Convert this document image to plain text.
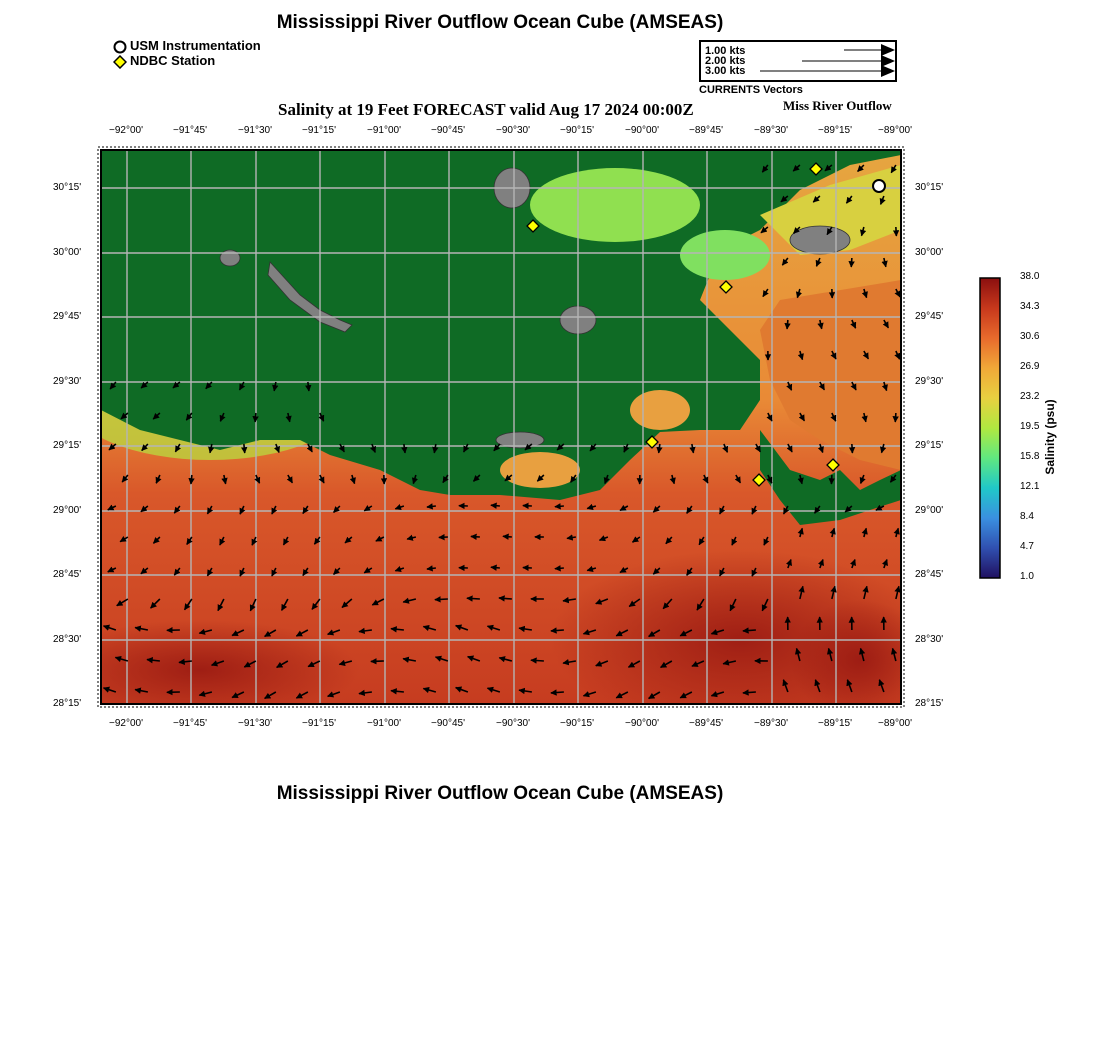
Mississippi River Outflow Ocean Cube (AMSEAS)
USM Instrumentation
NDBC Station
1.00 kts
2.00 kts
3.00 kts
CURRENTS Vectors
Salinity at 19 Feet FORECAST valid Aug 17 2024 00:00Z	Miss River Outflow
−92°00'	−91°45'	−91°30'	−91°15'	−91°00'	−90°45'	−90°30'	−90°15'	−90°00'	−89°45'	−89°30'	−89°15'	−89°00'
−92°00'	−91°45'	−91°30'	−91°15'	−91°00'	−90°45'	−90°30'	−90°15'	−90°00'	−89°45'	−89°30'	−89°15'	−89°00'
30°15'
30°00'
29°45'
29°30'
29°15'
29°00'
28°45'
28°30'
28°15'
30°15'
30°00'
29°45'
29°30'
29°15'
29°00'
28°45'
28°30'
28°15'
38.0
34.3
30.6
26.9
23.2
19.5
15.8
12.1
8.4
4.7
1.0
Salinity (psu)
Mississippi River Outflow Ocean Cube (AMSEAS)
